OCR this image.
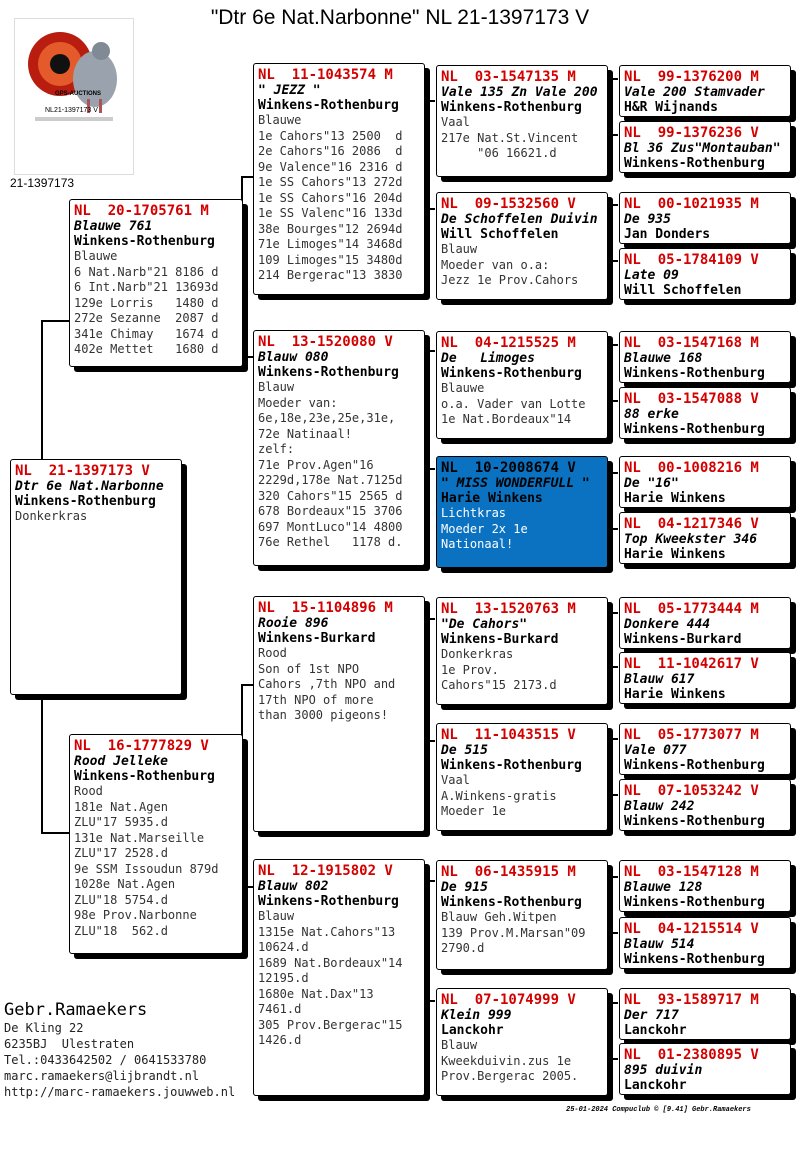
"Dtr 6e Nat.Narbonne" NL 21-1397173 V
GPS-AUCTIONS
NL21-1397173 V
21-1397173
NL  21-1397173 V
Dtr 6e Nat.Narbonne
Winkens-Rothenburg
Donkerkras
NL  20-1705761 M
Blauwe 761
Winkens-Rothenburg
Blauwe
6 Nat.Narb"21 8186 d
6 Int.Narb"21 13693d
129e Lorris   1480 d
272e Sezanne  2087 d
341e Chimay   1674 d
402e Mettet   1680 d
NL  16-1777829 V
Rood Jelleke
Winkens-Rothenburg
Rood
181e Nat.Agen
ZLU"17 5935.d
131e Nat.Marseille
ZLU"17 2528.d
9e SSM Issoudun 879d
1028e Nat.Agen
ZLU"18 5754.d
98e Prov.Narbonne
ZLU"18  562.d
NL  11-1043574 M
" JEZZ "
Winkens-Rothenburg
Blauwe
1e Cahors"13 2500  d
2e Cahors"16 2086  d
9e Valence"16 2316 d
1e SS Cahors"13 272d
1e SS Cahors"16 204d
1e SS Valenc"16 133d
38e Bourges"12 2694d
71e Limoges"14 3468d
109 Limoges"15 3480d
214 Bergerac"13 3830
NL  13-1520080 V
Blauw 080
Winkens-Rothenburg
Blauw
Moeder van:
6e,18e,23e,25e,31e,
72e Natinaal!
zelf:
71e Prov.Agen"16
2229d,178e Nat.7125d
320 Cahors"15 2565 d
678 Bordeaux"15 3706
697 MontLuco"14 4800
76e Rethel   1178 d.
NL  15-1104896 M
Rooie 896
Winkens-Burkard
Rood
Son of 1st NPO
Cahors ,7th NPO and
17th NPO of more
than 3000 pigeons!
NL  12-1915802 V
Blauw 802
Winkens-Rothenburg
Blauw
1315e Nat.Cahors"13
10624.d
1689 Nat.Bordeaux"14
12195.d
1680e Nat.Dax"13
7461.d
305 Prov.Bergerac"15
1426.d
NL  03-1547135 M
Vale 135 Zn Vale 200
Winkens-Rothenburg
Vaal
217e Nat.St.Vincent
"06 16621.d
NL  09-1532560 V
De Schoffelen Duivin
Will Schoffelen
Blauw
Moeder van o.a:
Jezz 1e Prov.Cahors
NL  04-1215525 M
De   Limoges
Winkens-Rothenburg
Blauwe
o.a. Vader van Lotte
1e Nat.Bordeaux"14
NL  10-2008674 V
" MISS WONDERFULL "
Harie Winkens
Lichtkras
Moeder 2x 1e
Nationaal!
NL  13-1520763 M
"De Cahors"
Winkens-Burkard
Donkerkras
1e Prov.
Cahors"15 2173.d
NL  11-1043515 V
De 515
Winkens-Rothenburg
Vaal
A.Winkens-gratis
Moeder 1e
NL  06-1435915 M
De 915
Winkens-Rothenburg
Blauw Geh.Witpen
139 Prov.M.Marsan"09
2790.d
NL  07-1074999 V
Klein 999
Lanckohr
Blauw
Kweekduivin.zus 1e
Prov.Bergerac 2005.
NL  99-1376200 M
Vale 200 Stamvader
H&R Wijnands
NL  99-1376236 V
Bl 36 Zus"Montauban"
Winkens-Rothenburg
NL  00-1021935 M
De 935
Jan Donders
NL  05-1784109 V
Late 09
Will Schoffelen
NL  03-1547168 M
Blauwe 168
Winkens-Rothenburg
NL  03-1547088 V
88 erke
Winkens-Rothenburg
NL  00-1008216 M
De "16"
Harie Winkens
NL  04-1217346 V
Top Kweekster 346
Harie Winkens
NL  05-1773444 M
Donkere 444
Winkens-Burkard
NL  11-1042617 V
Blauw 617
Harie Winkens
NL  05-1773077 M
Vale 077
Winkens-Rothenburg
NL  07-1053242 V
Blauw 242
Winkens-Rothenburg
NL  03-1547128 M
Blauwe 128
Winkens-Rothenburg
NL  04-1215514 V
Blauw 514
Winkens-Rothenburg
NL  93-1589717 M
Der 717
Lanckohr
NL  01-2380895 V
895 duivin
Lanckohr
Gebr.Ramaekers
De Kling 22
6235BJ  Ulestraten
Tel.:0433642502 / 0641533780
marc.ramaekers@lijbrandt.nl
http://marc-ramaekers.jouwweb.nl
25-01-2024 Compuclub © [9.41] Gebr.Ramaekers
